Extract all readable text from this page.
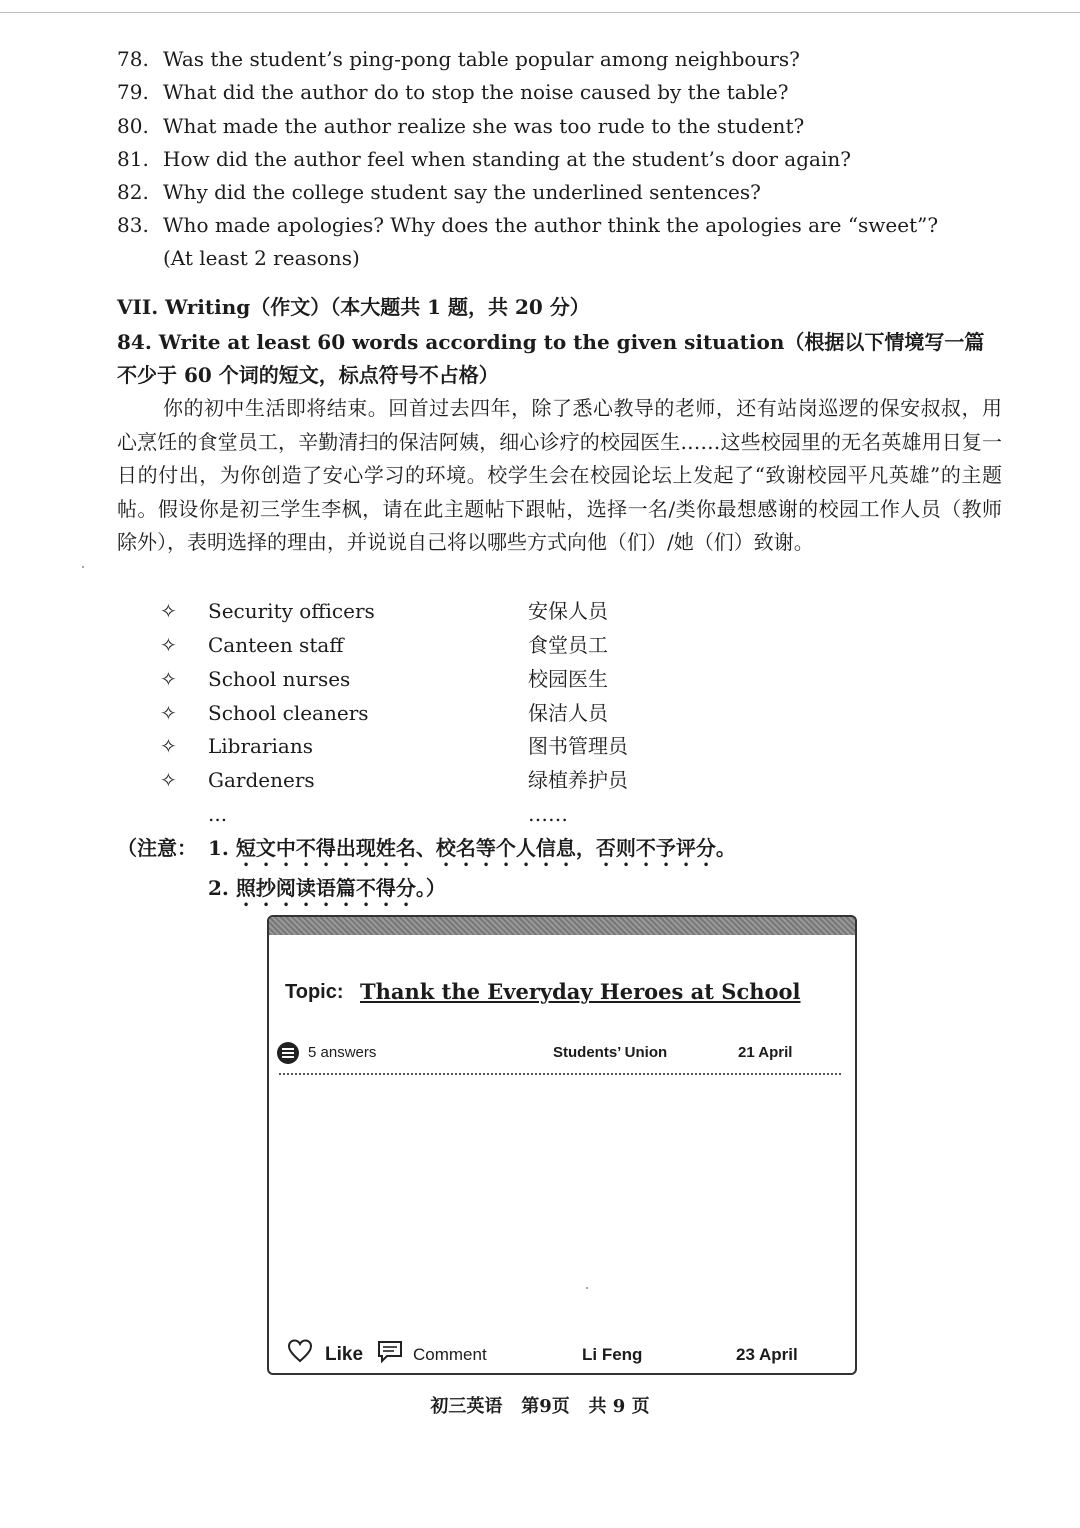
78. Was the student’s ping-pong table popular among neighbours?
79. What did the author do to stop the noise caused by the table?
80. What made the author realize she was too rude to the student?
81. How did the author feel when standing at the student’s door again?
82. Why did the college student say the underlined sentences?
83. Who made apologies? Why does the author think the apologies are “sweet”?
(At least 2 reasons)
VII. Writing（作文）（本大题共 1 题，共 20 分）
84. Write at least 60 words according to the given situation（根据以下情境写一篇不少于 60 个词的短文，标点符号不占格）

你的初中生活即将结束。回首过去四年，除了悉心教导的老师，还有站岗巡逻的保安叔叔，用心烹饪的食堂员工，辛勤清扫的保洁阿姨，细心诊疗的校园医生……这些校园里的无名英雄用日复一日的付出，为你创造了安心学习的环境。校学生会在校园论坛上发起了“致谢校园平凡英雄”的主题帖。假设你是初三学生李枫，请在此主题帖下跟帖，选择一名/类你最想感谢的校园工作人员（教师除外），表明选择的理由，并说说自己将以哪些方式向他（们）/她（们）致谢。

✧ Security officers	安保人员
✧ Canteen staff	食堂员工
✧ School nurses	校园医生
✧ School cleaners	保洁人员
✧ Librarians	图书管理员
✧ Gardeners	绿植养护员
...	……
（注意： 1. 短文中不得出现姓名、校名等个人信息，否则不予评分。
2. 照抄阅读语篇不得分。）
Topic: Thank the Everyday Heroes at School
5 answers	Students’ Union	21 April
Like	Comment	Li Feng	23 April
初三英语   第9页   共 9 页
